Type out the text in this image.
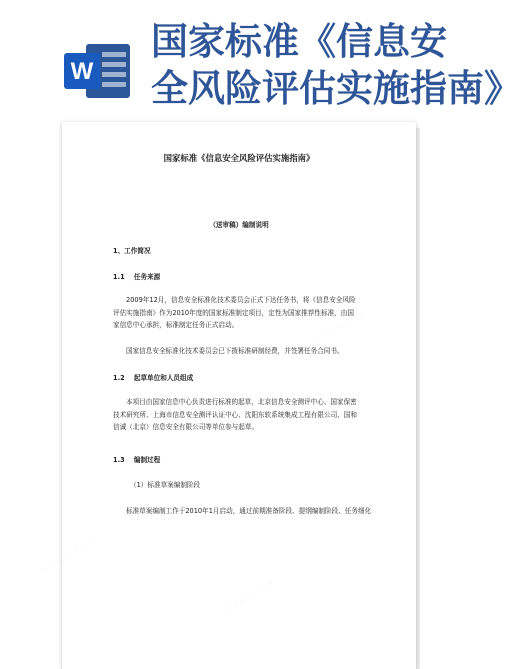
W
国家标准《信息安
全风险评估实施指南》
国家标准《信息安全风险评估实施指南》
（送审稿）编制说明
1、工作简况
1.1    任务来源
2009年12月，信息安全标准化技术委员会正式下达任务书，将《信息安全风险评估实施指南》作为2010年度的国家标准制定项目，定性为国家推荐性标准，由国家信息中心承担，标准制定任务正式启动。
国家信息安全标准化技术委员会已下拨标准研制经费，并签署任务合同书。
1.2    起草单位和人员组成
本项目由国家信息中心负责进行标准的起草，北京信息安全测评中心、国家保密技术研究所、上海市信息安全测评认证中心、沈阳东软系统集成工程有限公司、国和信诚（北京）信息安全有限公司等单位参与起草。
1.3    编制过程
（1）标准草案编制阶段
标准草案编制工作于2010年1月启动，通过前期准备阶段、提纲编制阶段、任务细化
· · · · · · · · · ·
· · · · · · · · · ·
· · · · · · · · · ·
